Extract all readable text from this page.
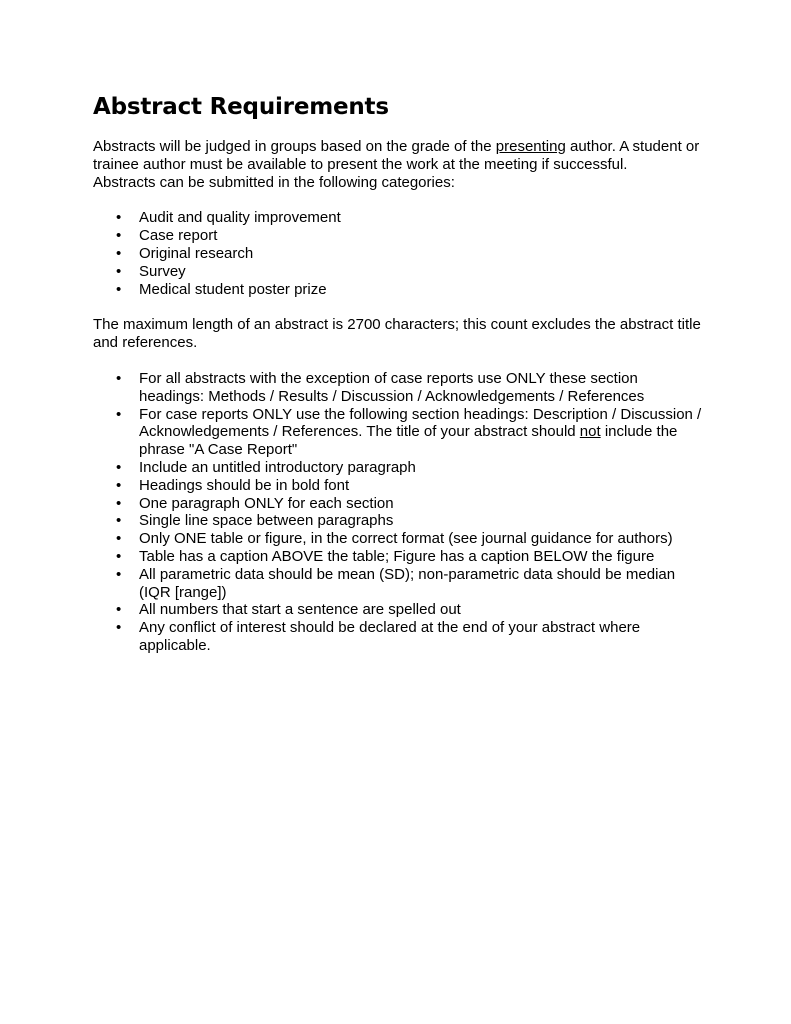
Abstract Requirements

Abstracts will be judged in groups based on the grade of the presenting author. A student or trainee author must be available to present the work at the meeting if successful.

Abstracts can be submitted in the following categories:

• Audit and quality improvement
• Case report
• Original research
• Survey
• Medical student poster prize

The maximum length of an abstract is 2700 characters; this count excludes the abstract title and references.

• For all abstracts with the exception of case reports use ONLY these section headings: Methods / Results / Discussion / Acknowledgements / References
• For case reports ONLY use the following section headings: Description / Discussion / Acknowledgements / References. The title of your abstract should not include the phrase "A Case Report"
• Include an untitled introductory paragraph
• Headings should be in bold font
• One paragraph ONLY for each section
• Single line space between paragraphs
• Only ONE table or figure, in the correct format (see journal guidance for authors)
• Table has a caption ABOVE the table; Figure has a caption BELOW the figure
• All parametric data should be mean (SD); non-parametric data should be median (IQR [range])
• All numbers that start a sentence are spelled out
• Any conflict of interest should be declared at the end of your abstract where applicable.
